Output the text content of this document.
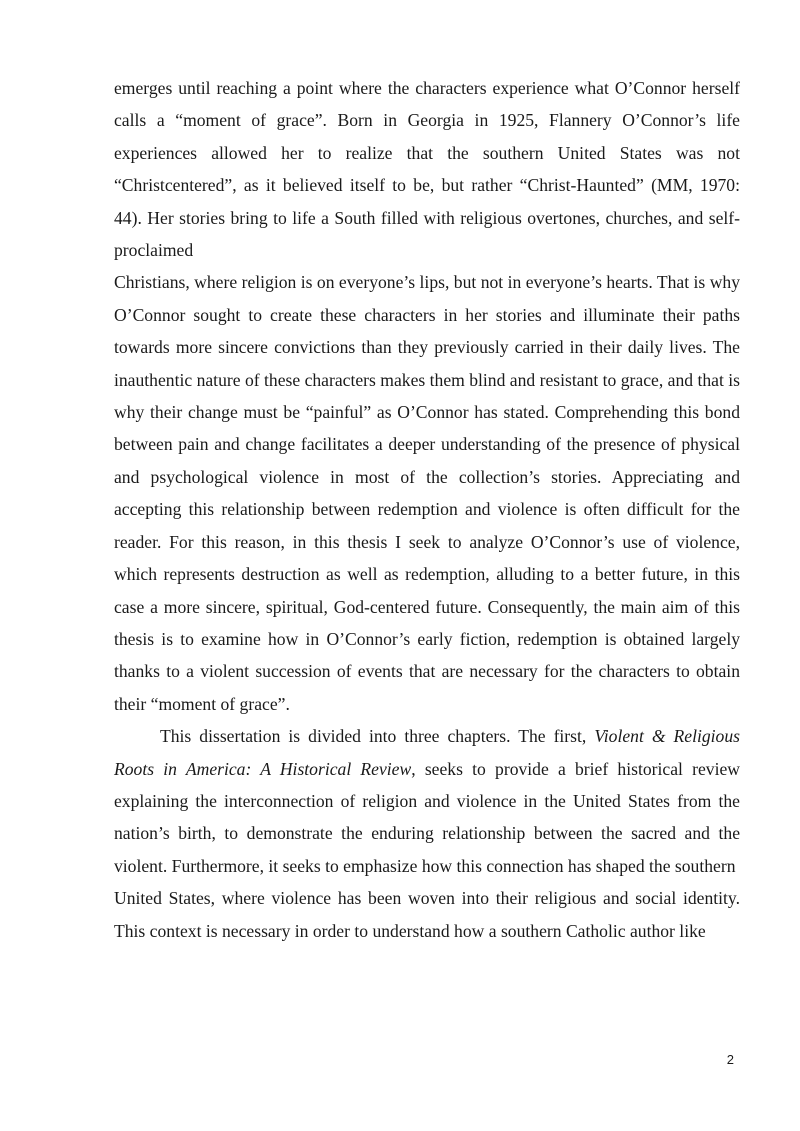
emerges until reaching a point where the characters experience what O’Connor herself calls a “moment of grace”. Born in Georgia in 1925, Flannery O’Connor’s life experiences allowed her to realize that the southern United States was not “Christcentered”, as it believed itself to be, but rather “Christ-Haunted” (MM, 1970: 44). Her stories bring to life a South filled with religious overtones, churches, and self-proclaimed

Christians, where religion is on everyone’s lips, but not in everyone’s hearts. That is why O’Connor sought to create these characters in her stories and illuminate their paths towards more sincere convictions than they previously carried in their daily lives. The inauthentic nature of these characters makes them blind and resistant to grace, and that is why their change must be “painful” as O’Connor has stated. Comprehending this bond between pain and change facilitates a deeper understanding of the presence of physical and psychological violence in most of the collection’s stories. Appreciating and accepting this relationship between redemption and violence is often difficult for the reader. For this reason, in this thesis I seek to analyze O’Connor’s use of violence, which represents destruction as well as redemption, alluding to a better future, in this case a more sincere, spiritual, God-centered future. Consequently, the main aim of this thesis is to examine how in O’Connor’s early fiction, redemption is obtained largely thanks to a violent succession of events that are necessary for the characters to obtain their “moment of grace”.

This dissertation is divided into three chapters. The first, Violent & Religious Roots in America: A Historical Review, seeks to provide a brief historical review explaining the interconnection of religion and violence in the United States from the nation’s birth, to demonstrate the enduring relationship between the sacred and the violent. Furthermore, it seeks to emphasize how this connection has shaped the southern

United States, where violence has been woven into their religious and social identity. This context is necessary in order to understand how a southern Catholic author like

2
